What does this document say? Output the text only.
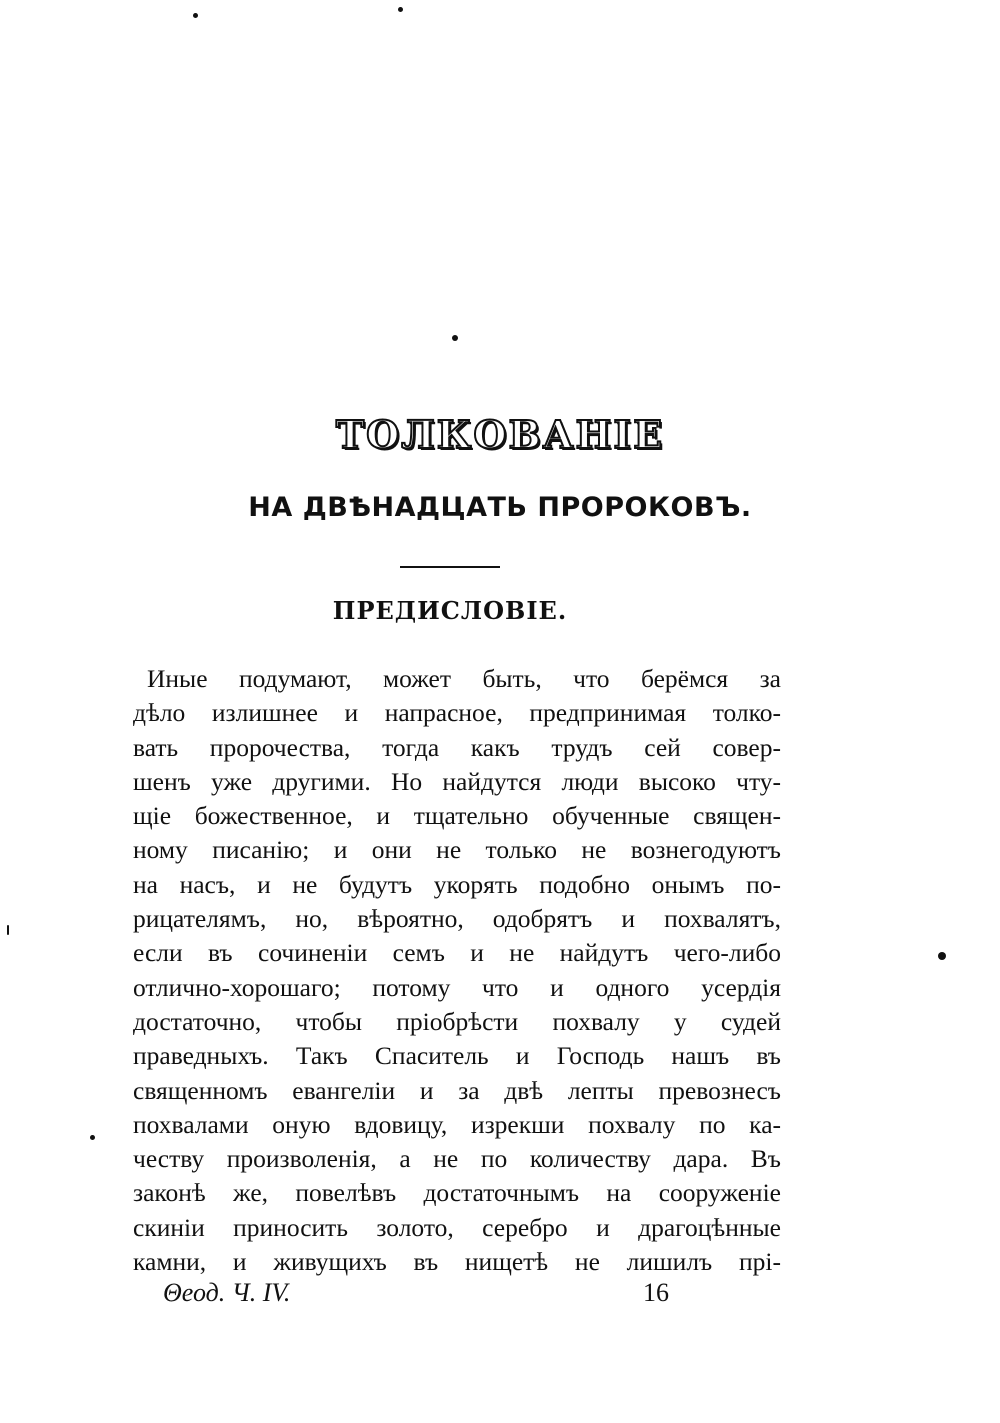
ТОЛКОВАНІЕ
НА ДВѢНАДЦАТЬ ПРОРОКОВЪ.
ПРЕДИСЛОВІЕ.
Иные подумают, может быть, что берёмся за
дѣло излишнее и напрасное, предпринимая толко-
вать пророчества, тогда какъ трудъ сей совер-
шенъ уже другими. Но найдутся люди высоко чту-
щіе божественное, и тщательно обученные священ-
ному писанію; и они не только не вознегодуютъ
на насъ, и не будутъ укорять подобно онымъ по-
рицателямъ, но, вѣроятно, одобрятъ и похвалятъ,
если въ сочиненіи семъ и не найдутъ чего-либо
отлично-хорошаго; потому что и одного усердія
достаточно, чтобы пріобрѣсти похвалу у судей
праведныхъ. Такъ Спаситель и Господь нашъ въ
священномъ евангеліи и за двѣ лепты превознесъ
похвалами оную вдовицу, изрекши похвалу по ка-
честву произволенія, а не по количеству дара. Въ
законѣ же, повелѣвъ достаточнымъ на сооруженіе
скиніи приносить золото, серебро и драгоцѣнные
камни, и живущихъ въ нищетѣ не лишилъ прі-
Θеод. Ч. IV.	16
